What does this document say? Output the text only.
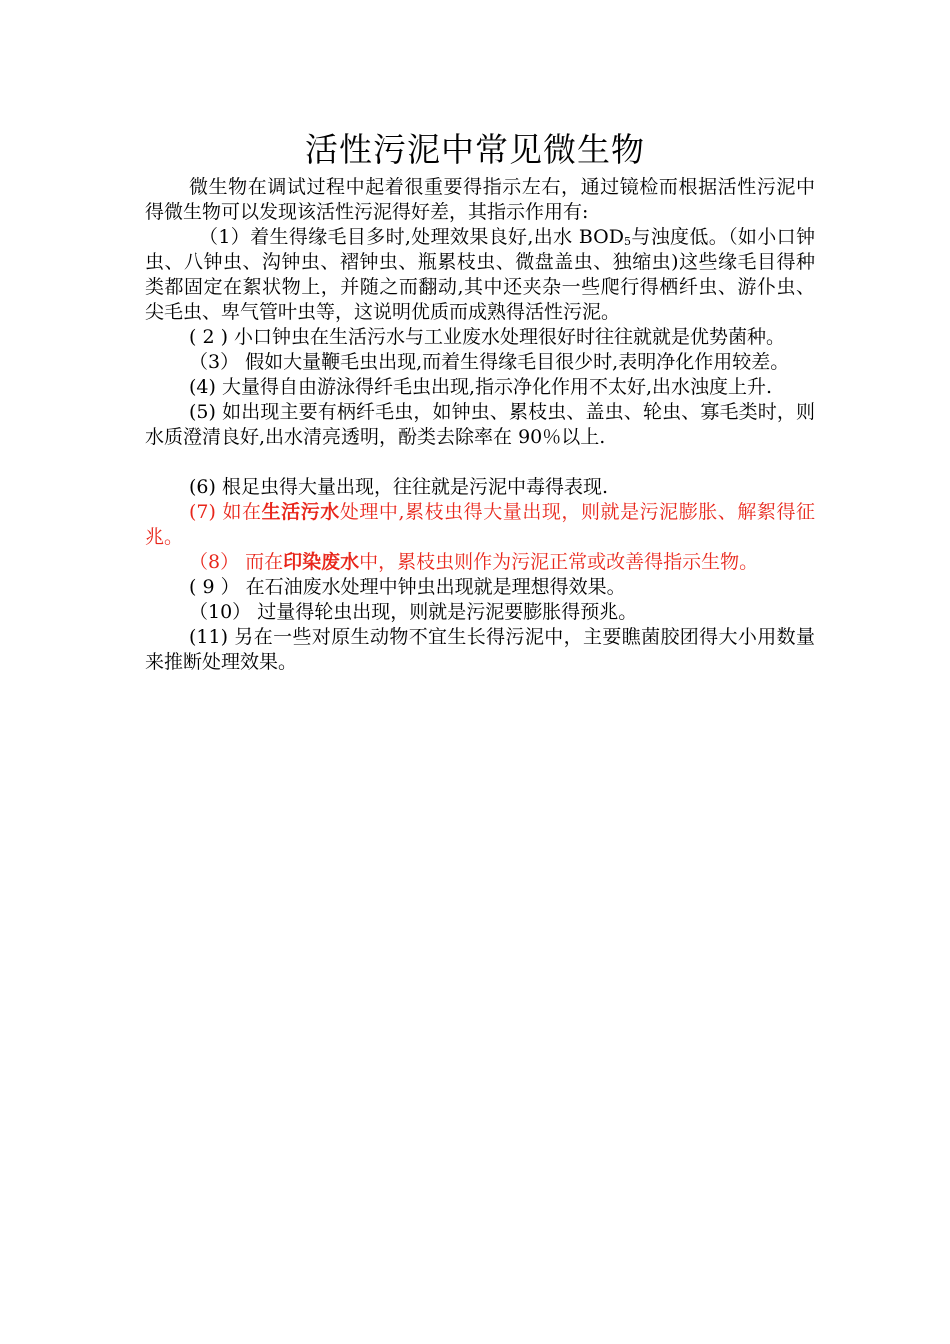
活性污泥中常见微生物

微生物在调试过程中起着很重要得指示左右，通过镜检而根据活性污泥中得微生物可以发现该活性污泥得好差，其指示作用有:

（1）着生得缘毛目多时,处理效果良好,出水 $BOD_5$与浊度低。（如小口钟虫、八钟虫、沟钟虫、褶钟虫、瓶累枝虫、微盘盖虫、独缩虫)这些缘毛目得种类都固定在絮状物上，并随之而翻动,其中还夹杂一些爬行得栖纤虫、游仆虫、尖毛虫、卑气管叶虫等，这说明优质而成熟得活性污泥。

( 2 ) 小口钟虫在生活污水与工业废水处理很好时往往就就是优势菌种。

（3） 假如大量鞭毛虫出现,而着生得缘毛目很少时,表明净化作用较差。

(4) 大量得自由游泳得纤毛虫出现,指示净化作用不太好,出水浊度上升.

(5) 如出现主要有柄纤毛虫，如钟虫、累枝虫、盖虫、轮虫、寡毛类时，则水质澄清良好,出水清亮透明，酚类去除率在 90％以上.

(6) 根足虫得大量出现，往往就是污泥中毒得表现.

(7) 如在生活污水处理中,累枝虫得大量出现，则就是污泥膨胀、解絮得征兆。

（8） 而在印染废水中，累枝虫则作为污泥正常或改善得指示生物。

( 9 ） 在石油废水处理中钟虫出现就是理想得效果。

（10） 过量得轮虫出现，则就是污泥要膨胀得预兆。

(11) 另在一些对原生动物不宜生长得污泥中，主要瞧菌胶团得大小用数量来推断处理效果。
